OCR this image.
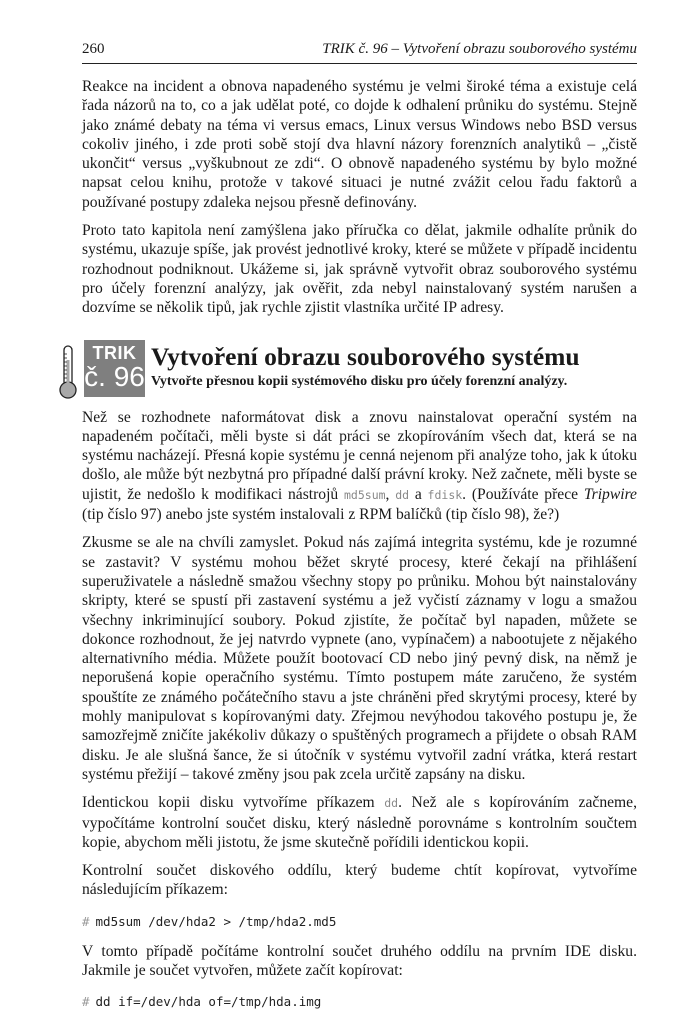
260	TRIK č. 96 – Vytvoření obrazu souborového systému

Reakce na incident a obnova napadeného systému je velmi široké téma a existuje celá řada názorů na to, co a jak udělat poté, co dojde k odhalení průniku do systému. Stejně jako známé debaty na téma vi versus emacs, Linux versus Windows nebo BSD versus cokoliv jiného, i zde proti sobě stojí dva hlavní názory forenzních analytiků – „čistě ukončit“ versus „vyškubnout ze zdi“. O obnově napadeného systému by bylo možné napsat celou knihu, protože v takové situaci je nutné zvážit celou řadu faktorů a používané postupy zdaleka nejsou přesně definovány.

Proto tato kapitola není zamýšlena jako příručka co dělat, jakmile odhalíte průnik do systému, ukazuje spíše, jak provést jednotlivé kroky, které se můžete v případě incidentu rozhodnout podniknout. Ukážeme si, jak správně vytvořit obraz souborového systému pro účely forenzní analýzy, jak ověřit, zda nebyl nainstalovaný systém narušen a dozvíme se několik tipů, jak rychle zjistit vlastníka určité IP adresy.

TRIK
č. 96
Vytvoření obrazu souborového systému
Vytvořte přesnou kopii systémového disku pro účely forenzní analýzy.

Než se rozhodnete naformátovat disk a znovu nainstalovat operační systém na napadeném počítači, měli byste si dát práci se zkopírováním všech dat, která se na systému nacházejí. Přesná kopie systému je cenná nejenom při analýze toho, jak k útoku došlo, ale může být nezbytná pro případné další právní kroky. Než začnete, měli byste se ujistit, že nedošlo k modifikaci nástrojů md5sum, dd a fdisk. (Používáte přece Tripwire (tip číslo 97) anebo jste systém instalovali z RPM balíčků (tip číslo 98), že?)

Zkusme se ale na chvíli zamyslet. Pokud nás zajímá integrita systému, kde je rozumné se zastavit? V systému mohou běžet skryté procesy, které čekají na přihlášení superuživatele a následně smažou všechny stopy po průniku. Mohou být nainstalovány skripty, které se spustí při zastavení systému a jež vyčistí záznamy v logu a smažou všechny inkriminující soubory. Pokud zjistíte, že počítač byl napaden, můžete se dokonce rozhodnout, že jej natvrdo vypnete (ano, vypínačem) a nabootujete z nějakého alternativního média. Můžete použít bootovací CD nebo jiný pevný disk, na němž je neporušená kopie operačního systému. Tímto postupem máte zaručeno, že systém spouštíte ze známého počátečního stavu a jste chráněni před skrytými procesy, které by mohly manipulovat s kopírovanými daty. Zřejmou nevýhodou takového postupu je, že samozřejmě zničíte jakékoliv důkazy o spuštěných programech a přijdete o obsah RAM disku. Je ale slušná šance, že si útočník v systému vytvořil zadní vrátka, která restart systému přežijí – takové změny jsou pak zcela určitě zapsány na disku.

Identickou kopii disku vytvoříme příkazem dd. Než ale s kopírováním začneme, vypočítáme kontrolní součet disku, který následně porovnáme s kontrolním součtem kopie, abychom měli jistotu, že jsme skutečně pořídili identickou kopii.

Kontrolní součet diskového oddílu, který budeme chtít kopírovat, vytvoříme následujícím příkazem:

# md5sum /dev/hda2 > /tmp/hda2.md5

V tomto případě počítáme kontrolní součet druhého oddílu na prvním IDE disku. Jakmile je součet vytvořen, můžete začít kopírovat:

# dd if=/dev/hda of=/tmp/hda.img
